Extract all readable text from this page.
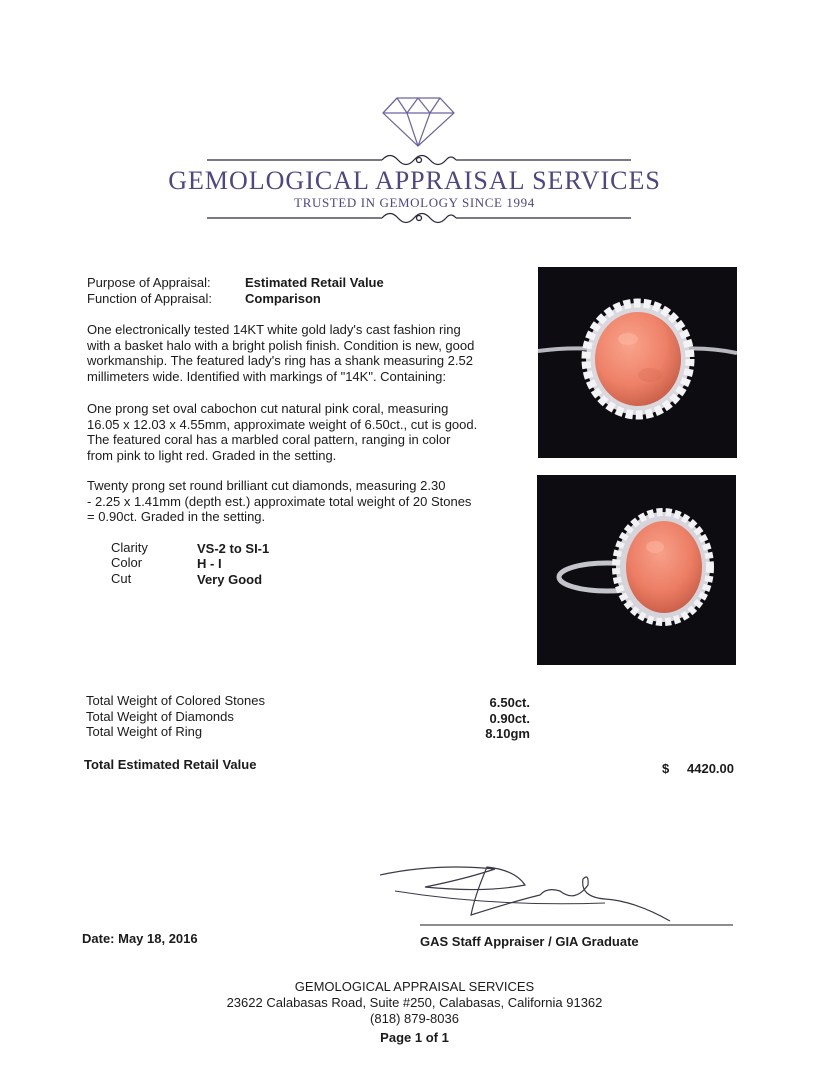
GEMOLOGICAL APPRAISAL SERVICES
TRUSTED IN GEMOLOGY SINCE 1994
Purpose of Appraisal:	Estimated Retail Value
Function of Appraisal:	Comparison

One electronically tested 14KT white gold lady's cast fashion ring

with a basket halo with a bright polish finish. Condition is new, good

workmanship. The featured lady's ring has a shank measuring 2.52

millimeters wide. Identified with markings of "14K". Containing:

One prong set oval cabochon cut natural pink coral, measuring

16.05 x 12.03 x 4.55mm, approximate weight of 6.50ct., cut is good.

The featured coral has a marbled coral pattern, ranging in color

from pink to light red. Graded in the setting.

Twenty prong set round brilliant cut diamonds, measuring 2.30

- 2.25 x 1.41mm (depth est.) approximate total weight of 20 Stones

= 0.90ct. Graded in the setting.

Clarity	VS-2 to SI-1
Color	H - I
Cut	Very Good
Total Weight of Colored Stones	6.50ct.
Total Weight of Diamonds	0.90ct.
Total Weight of Ring	8.10gm
Total Estimated Retail Value	$	4420.00
Date: May 18, 2016	GAS Staff Appraiser / GIA Graduate
GEMOLOGICAL APPRAISAL SERVICES
23622 Calabasas Road, Suite #250, Calabasas, California 91362
(818) 879-8036
Page 1 of 1
